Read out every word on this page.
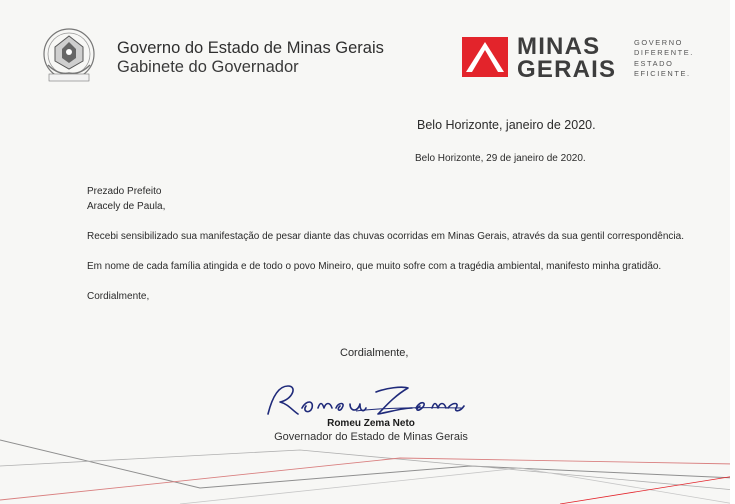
Governo do Estado de Minas Gerais
Gabinete do Governador
MINAS
GERAIS
GOVERNO
DIFERENTE.
ESTADO
EFICIENTE.
Belo Horizonte, janeiro de 2020.
Belo Horizonte, 29 de janeiro de 2020.
Prezado Prefeito
Aracely de Paula,
Recebi sensibilizado sua manifestação de pesar diante das chuvas ocorridas em Minas Gerais, através da sua gentil correspondência.
Em nome de cada família atingida e de todo o povo Mineiro, que muito sofre com a tragédia ambiental, manifesto minha gratidão.
Cordialmente,
Cordialmente,
Romeu Zema Neto
Governador do Estado de Minas Gerais
